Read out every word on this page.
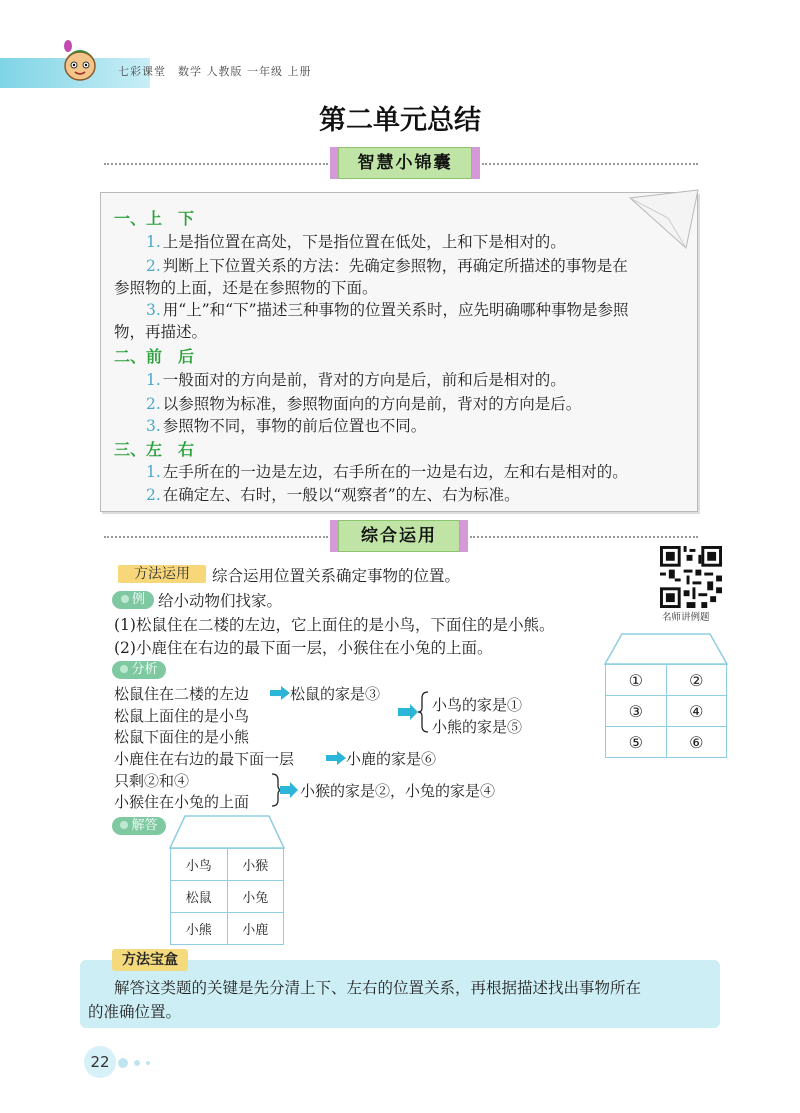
七彩课堂　数学 人教版 一年级 上册
第二单元总结
智慧小锦囊
一、上　下
1. 上是指位置在高处，下是指位置在低处，上和下是相对的。
2. 判断上下位置关系的方法：先确定参照物，再确定所描述的事物是在
参照物的上面，还是在参照物的下面。
3. 用“上”和“下”描述三种事物的位置关系时，应先明确哪种事物是参照
物，再描述。
二、前　后
1. 一般面对的方向是前，背对的方向是后，前和后是相对的。
2. 以参照物为标准，参照物面向的方向是前，背对的方向是后。
3. 参照物不同，事物的前后位置也不同。
三、左　右
1. 左手所在的一边是左边，右手所在的一边是右边，左和右是相对的。
2. 在确定左、右时，一般以“观察者”的左、右为标准。
综合运用
方法运用	综合运用位置关系确定事物的位置。
名师讲例题
例 给小动物们找家。
(1)松鼠住在二楼的左边，它上面住的是小鸟，下面住的是小熊。
(2)小鹿住在右边的最下面一层，小猴住在小兔的上面。
①	②
③	④
⑤	⑥
分析
松鼠住在二楼的左边	松鼠的家是③
松鼠上面住的是小鸟
松鼠下面住的是小熊
小鸟的家是①
小熊的家是⑤
小鹿住在右边的最下面一层	小鹿的家是⑥
只剩②和④
小猴住在小兔的上面
小猴的家是②，小兔的家是④
解答
小鸟	小猴
松鼠	小兔
小熊	小鹿
方法宝盒
解答这类题的关键是先分清上下、左右的位置关系，再根据描述找出事物所在
的准确位置。
22
